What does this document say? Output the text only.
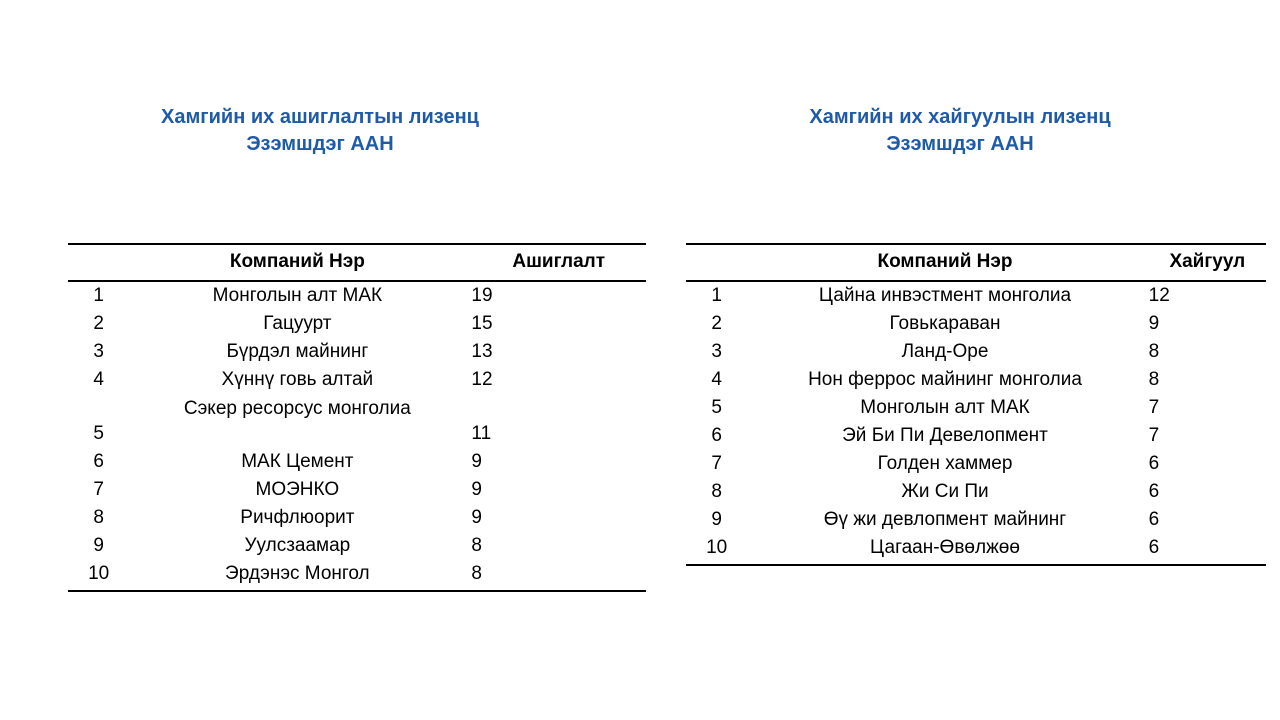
Хамгийн их ашиглалтын лизенц
Эзэмшдэг ААН
	Компаний Нэр	Ашиглалт
1	Монголын алт МАК	19
2	Гацуурт	15
3	Бүрдэл майнинг	13
4	Хүннү говь алтай	12

5	Сэкер ресорсус монголиа	11
6	МАК Цемент	9
7	МОЭНКО	9
8	Ричфлюорит	9
9	Уулсзаамар	8
10	Эрдэнэс Монгол	8
Хамгийн их хайгуулын лизенц
Эзэмшдэг ААН
	Компаний Нэр	Хайгуул
1	Цайна инвэстмент монголиа	12
2	Говькараван	9
3	Ланд-Оре	8
4	Нон феррос майнинг монголиа	8
5	Монголын алт МАК	7
6	Эй Би Пи Девелопмент	7
7	Голден хаммер	6
8	Жи Си Пи	6
9	Өү жи девлопмент майнинг	6
10	Цагаан-Өвөлжөө	6
